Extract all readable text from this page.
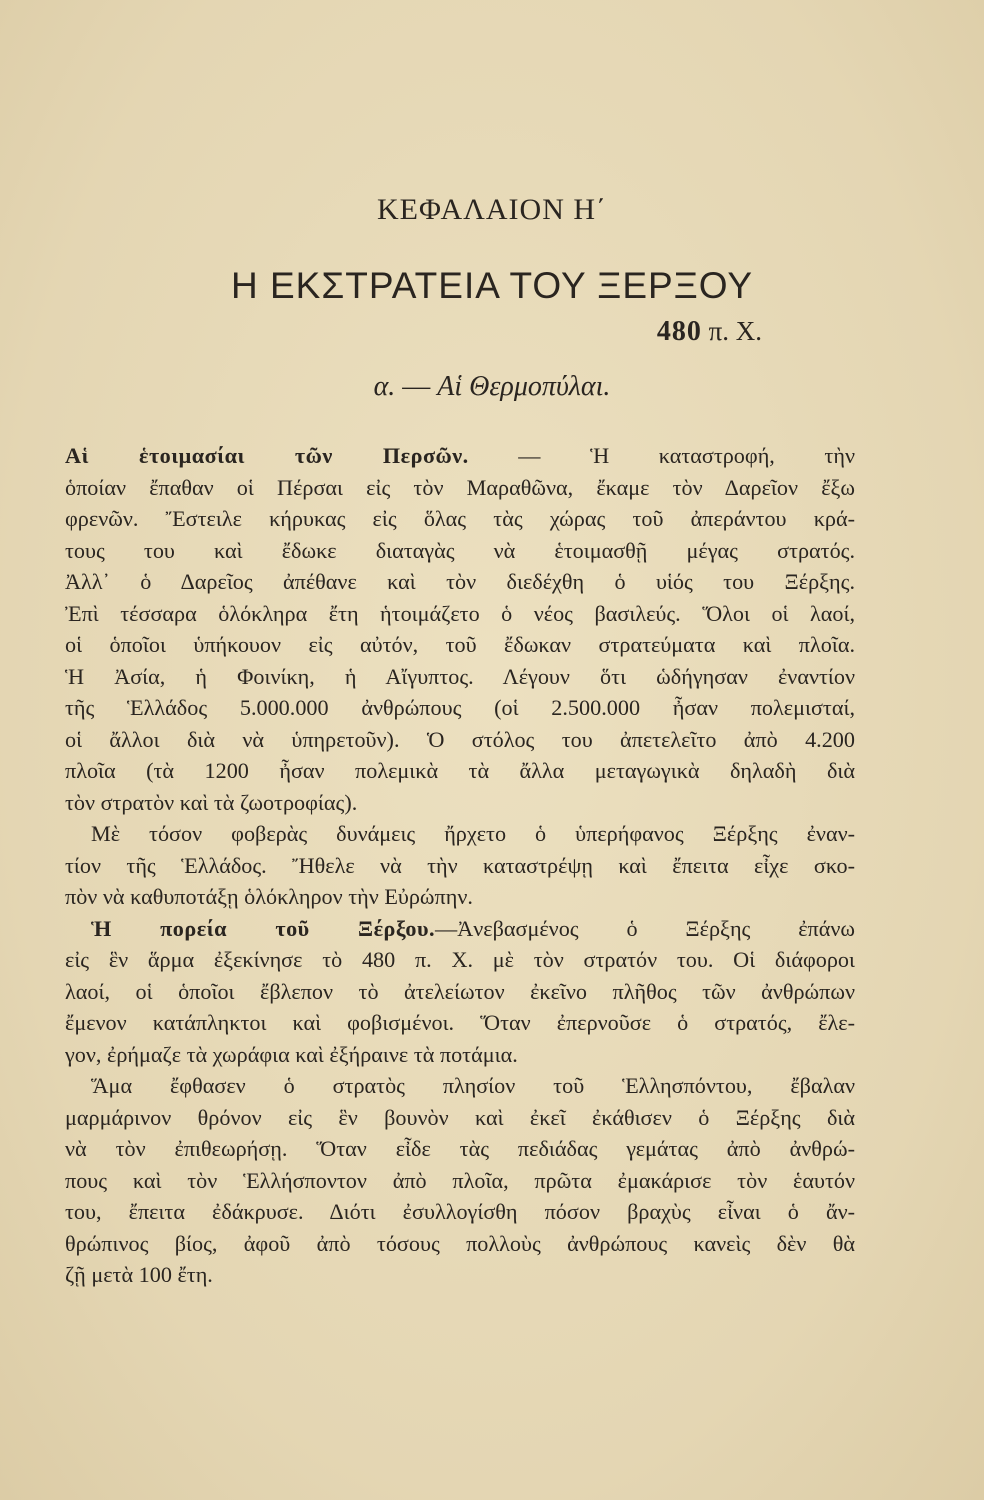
ΚΕΦΑΛΑΙΟΝ Η΄
Η ΕΚΣΤΡΑΤΕΙΑ ΤΟΥ ΞΕΡΞΟΥ
480 π. Χ.
α. — Αἱ Θερμοπύλαι.
Αἱ ἑτοιμασίαι τῶν Περσῶν. — Ἡ καταστροφή, τὴν
ὁποίαν ἔπαθαν οἱ Πέρσαι εἰς τὸν Μαραθῶνα, ἔκαμε τὸν Δαρεῖον ἔξω
φρενῶν. Ἔστειλε κήρυκας εἰς ὅλας τὰς χώρας τοῦ ἀπεράντου κρά-
τους του καὶ ἔδωκε διαταγὰς νὰ ἑτοιμασθῇ μέγας στρατός.
Ἀλλ᾽ ὁ Δαρεῖος ἀπέθανε καὶ τὸν διεδέχθη ὁ υἱός του Ξέρξης.
Ἐπὶ τέσσαρα ὁλόκληρα ἔτη ἡτοιμάζετο ὁ νέος βασιλεύς. Ὅλοι οἱ λαοί,
οἱ ὁποῖοι ὑπήκουον εἰς αὐτόν, τοῦ ἔδωκαν στρατεύματα καὶ πλοῖα.
Ἡ Ἀσία, ἡ Φοινίκη, ἡ Αἴγυπτος. Λέγουν ὅτι ὡδήγησαν ἐναντίον
τῆς Ἑλλάδος 5.000.000 ἀνθρώπους (οἱ 2.500.000 ἦσαν πολεμισταί,
οἱ ἄλλοι διὰ νὰ ὑπηρετοῦν). Ὁ στόλος του ἀπετελεῖτο ἀπὸ 4.200
πλοῖα (τὰ 1200 ἦσαν πολεμικὰ τὰ ἄλλα μεταγωγικὰ δηλαδὴ διὰ
τὸν στρατὸν καὶ τὰ ζωοτροφίας).
Μὲ τόσον φοβερὰς δυνάμεις ἤρχετο ὁ ὑπερήφανος Ξέρξης ἐναν-
τίον τῆς Ἑλλάδος. Ἤθελε νὰ τὴν καταστρέψῃ καὶ ἔπειτα εἶχε σκο-
πὸν νὰ καθυποτάξῃ ὁλόκληρον τὴν Εὐρώπην.
Ἡ πορεία τοῦ Ξέρξου.—Ἀνεβασμένος ὁ Ξέρξης ἐπάνω
εἰς ἓν ἅρμα ἐξεκίνησε τὸ 480 π. Χ. μὲ τὸν στρατόν του. Οἱ διάφοροι
λαοί, οἱ ὁποῖοι ἔβλεπον τὸ ἀτελείωτον ἐκεῖνο πλῆθος τῶν ἀνθρώπων
ἔμενον κατάπληκτοι καὶ φοβισμένοι. Ὅταν ἐπερνοῦσε ὁ στρατός, ἔλε-
γον, ἐρήμαζε τὰ χωράφια καὶ ἐξήραινε τὰ ποτάμια.
Ἅμα ἔφθασεν ὁ στρατὸς πλησίον τοῦ Ἑλλησπόντου, ἔβαλαν
μαρμάρινον θρόνον εἰς ἓν βουνὸν καὶ ἐκεῖ ἐκάθισεν ὁ Ξέρξης διὰ
νὰ τὸν ἐπιθεωρήσῃ. Ὅταν εἶδε τὰς πεδιάδας γεμάτας ἀπὸ ἀνθρώ-
πους καὶ τὸν Ἑλλήσποντον ἀπὸ πλοῖα, πρῶτα ἐμακάρισε τὸν ἑαυτόν
του, ἔπειτα ἐδάκρυσε. Διότι ἐσυλλογίσθη πόσον βραχὺς εἶναι ὁ ἄν-
θρώπινος βίος, ἀφοῦ ἀπὸ τόσους πολλοὺς ἀνθρώπους κανεὶς δὲν θὰ
ζῇ μετὰ 100 ἔτη.
